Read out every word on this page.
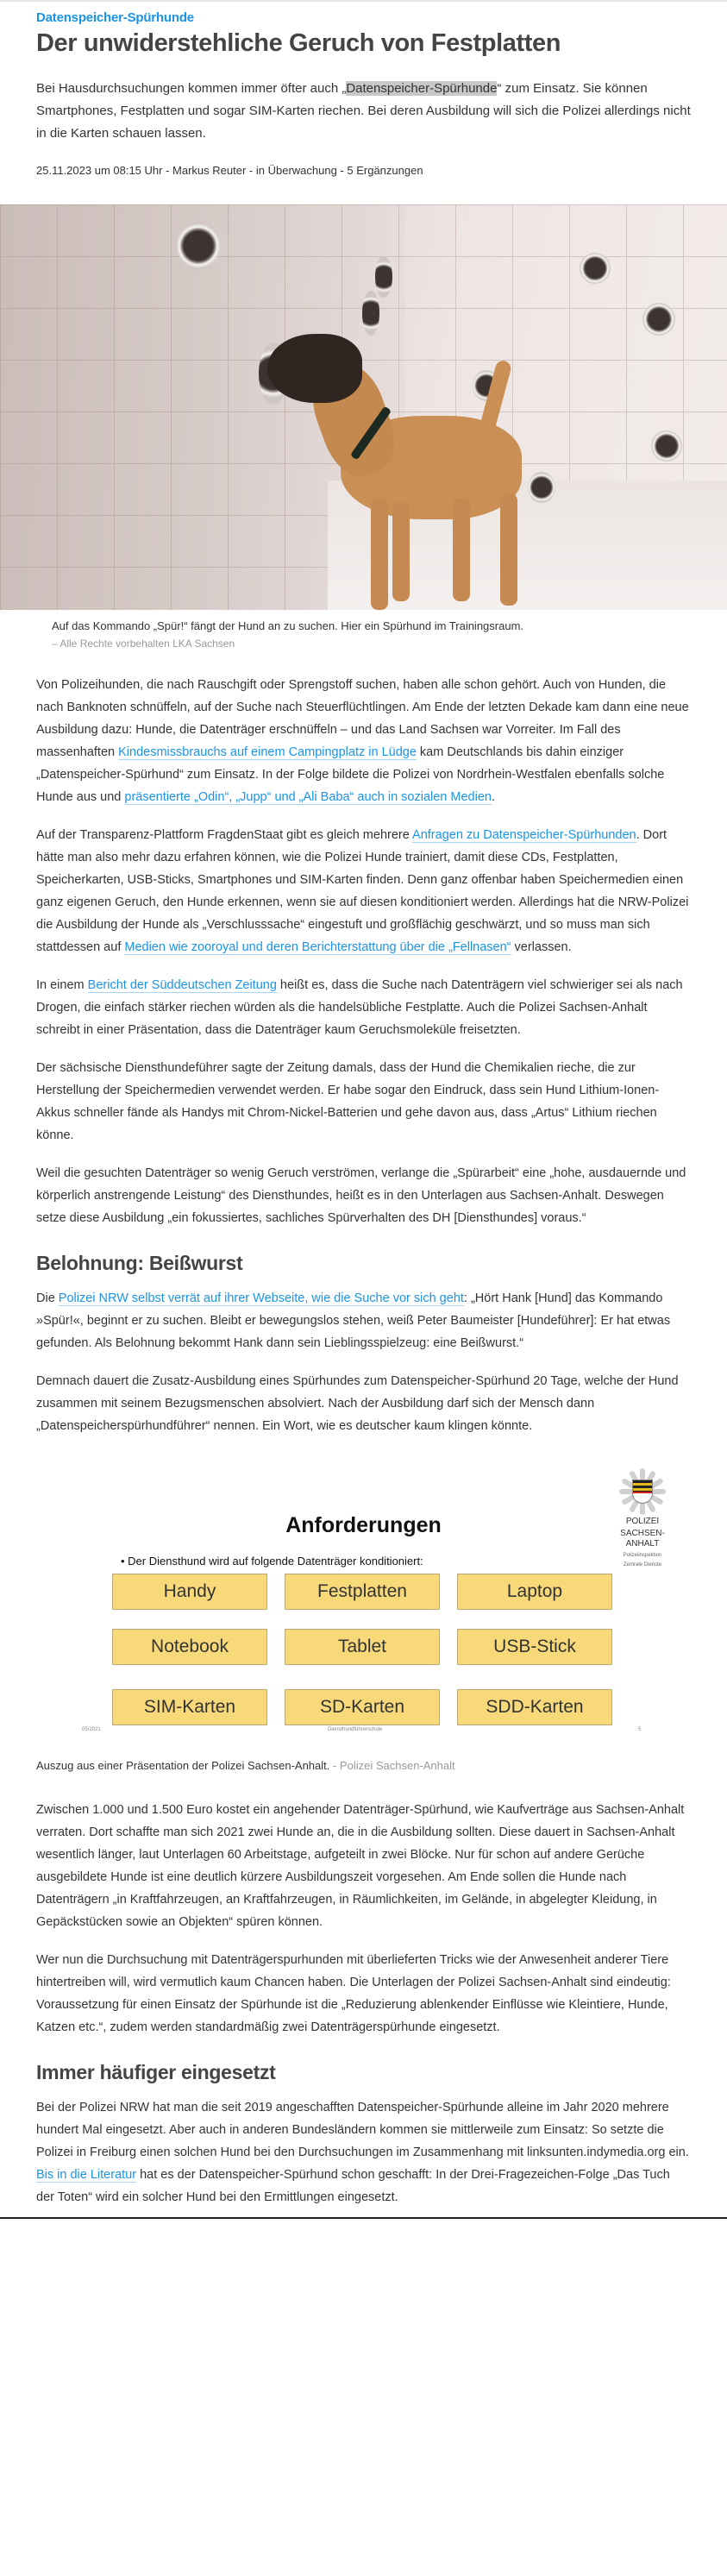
Datenspeicher-Spürhunde
Der unwiderstehliche Geruch von Festplatten

Bei Hausdurchsuchungen kommen immer öfter auch „Datenspeicher-Spürhunde“ zum Einsatz. Sie können Smartphones, Festplatten und sogar SIM-Karten riechen. Bei deren Ausbildung will sich die Polizei allerdings nicht in die Karten schauen lassen.

25.11.2023 um 08:15 Uhr - Markus Reuter - in Überwachung - 5 Ergänzungen
Auf das Kommando „Spür!“ fängt der Hund an zu suchen. Hier ein Spürhund im Trainingsraum.
– Alle Rechte vorbehalten LKA Sachsen

Von Polizeihunden, die nach Rauschgift oder Sprengstoff suchen, haben alle schon gehört. Auch von Hunden, die nach Banknoten schnüffeln, auf der Suche nach Steuerflüchtlingen. Am Ende der letzten Dekade kam dann eine neue Ausbildung dazu: Hunde, die Datenträger erschnüffeln – und das Land Sachsen war Vorreiter. Im Fall des massenhaften Kindesmissbrauchs auf einem Campingplatz in Lüdge kam Deutschlands bis dahin einziger „Datenspeicher-Spürhund“ zum Einsatz. In der Folge bildete die Polizei von Nordrhein-Westfalen ebenfalls solche Hunde aus und präsentierte „Odin“, „Jupp“ und „Ali Baba“ auch in sozialen Medien.

Auf der Transparenz-Plattform FragdenStaat gibt es gleich mehrere Anfragen zu Datenspeicher-Spürhunden. Dort hätte man also mehr dazu erfahren können, wie die Polizei Hunde trainiert, damit diese CDs, Festplatten, Speicherkarten, USB-Sticks, Smartphones und SIM-Karten finden. Denn ganz offenbar haben Speichermedien einen ganz eigenen Geruch, den Hunde erkennen, wenn sie auf diesen konditioniert werden. Allerdings hat die NRW-Polizei die Ausbildung der Hunde als „Verschlusssache“ eingestuft und großflächig geschwärzt, und so muss man sich stattdessen auf Medien wie zooroyal und deren Berichterstattung über die „Fellnasen“ verlassen.

In einem Bericht der Süddeutschen Zeitung heißt es, dass die Suche nach Datenträgern viel schwieriger sei als nach Drogen, die einfach stärker riechen würden als die handelsübliche Festplatte. Auch die Polizei Sachsen-Anhalt schreibt in einer Präsentation, dass die Datenträger kaum Geruchsmoleküle freisetzten.

Der sächsische Diensthundeführer sagte der Zeitung damals, dass der Hund die Chemikalien rieche, die zur Herstellung der Speichermedien verwendet werden. Er habe sogar den Eindruck, dass sein Hund Lithium-Ionen-Akkus schneller fände als Handys mit Chrom-Nickel-Batterien und gehe davon aus, dass „Artus“ Lithium riechen könne.

Weil die gesuchten Datenträger so wenig Geruch verströmen, verlange die „Spürarbeit“ eine „hohe, ausdauernde und körperlich anstrengende Leistung“ des Diensthundes, heißt es in den Unterlagen aus Sachsen-Anhalt. Deswegen setze diese Ausbildung „ein fokussiertes, sachliches Spürverhalten des DH [Diensthundes] voraus.“

Belohnung: Beißwurst

Die Polizei NRW selbst verrät auf ihrer Webseite, wie die Suche vor sich geht: „Hört Hank [Hund] das Kommando »Spür!«, beginnt er zu suchen. Bleibt er bewegungslos stehen, weiß Peter Baumeister [Hundeführer]: Er hat etwas gefunden. Als Belohnung bekommt Hank dann sein Lieblingsspielzeug: eine Beißwurst.“

Demnach dauert die Zusatz-Ausbildung eines Spürhundes zum Datenspeicher-Spürhund 20 Tage, welche der Hund zusammen mit seinem Bezugsmenschen absolviert. Nach der Ausbildung darf sich der Mensch dann „Datenspeicherspürhundführer“ nennen. Ein Wort, wie es deutscher kaum klingen könnte.

POLIZEI
SACHSEN-ANHALT
Polizeiinspektion
Zentrale Dienste
Anforderungen
• Der Diensthund wird auf folgende Datenträger konditioniert:
Handy	Festplatten	Laptop
Notebook	Tablet	USB-Stick
SIM-Karten	SD-Karten	SDD-Karten
05/2021	Diensthundführerschule	5
Auszug aus einer Präsentation der Polizei Sachsen-Anhalt. - Polizei Sachsen-Anhalt

Zwischen 1.000 und 1.500 Euro kostet ein angehender Datenträger-Spürhund, wie Kaufverträge aus Sachsen-Anhalt verraten. Dort schaffte man sich 2021 zwei Hunde an, die in die Ausbildung sollten. Diese dauert in Sachsen-Anhalt wesentlich länger, laut Unterlagen 60 Arbeitstage, aufgeteilt in zwei Blöcke. Nur für schon auf andere Gerüche ausgebildete Hunde ist eine deutlich kürzere Ausbildungszeit vorgesehen. Am Ende sollen die Hunde nach Datenträgern „in Kraftfahrzeugen, an Kraftfahrzeugen, in Räumlichkeiten, im Gelände, in abgelegter Kleidung, in Gepäckstücken sowie an Objekten“ spüren können.

Wer nun die Durchsuchung mit Datenträgerspurhunden mit überlieferten Tricks wie der Anwesenheit anderer Tiere hintertreiben will, wird vermutlich kaum Chancen haben. Die Unterlagen der Polizei Sachsen-Anhalt sind eindeutig: Voraussetzung für einen Einsatz der Spürhunde ist die „Reduzierung ablenkender Einflüsse wie Kleintiere, Hunde, Katzen etc.“, zudem werden standardmäßig zwei Datenträgerspürhunde eingesetzt.

Immer häufiger eingesetzt

Bei der Polizei NRW hat man die seit 2019 angeschafften Datenspeicher-Spürhunde alleine im Jahr 2020 mehrere hundert Mal eingesetzt. Aber auch in anderen Bundesländern kommen sie mittlerweile zum Einsatz: So setzte die Polizei in Freiburg einen solchen Hund bei den Durchsuchungen im Zusammenhang mit linksunten.indymedia.org ein. Bis in die Literatur hat es der Datenspeicher-Spürhund schon geschafft: In der Drei-Fragezeichen-Folge „Das Tuch der Toten“ wird ein solcher Hund bei den Ermittlungen eingesetzt.
